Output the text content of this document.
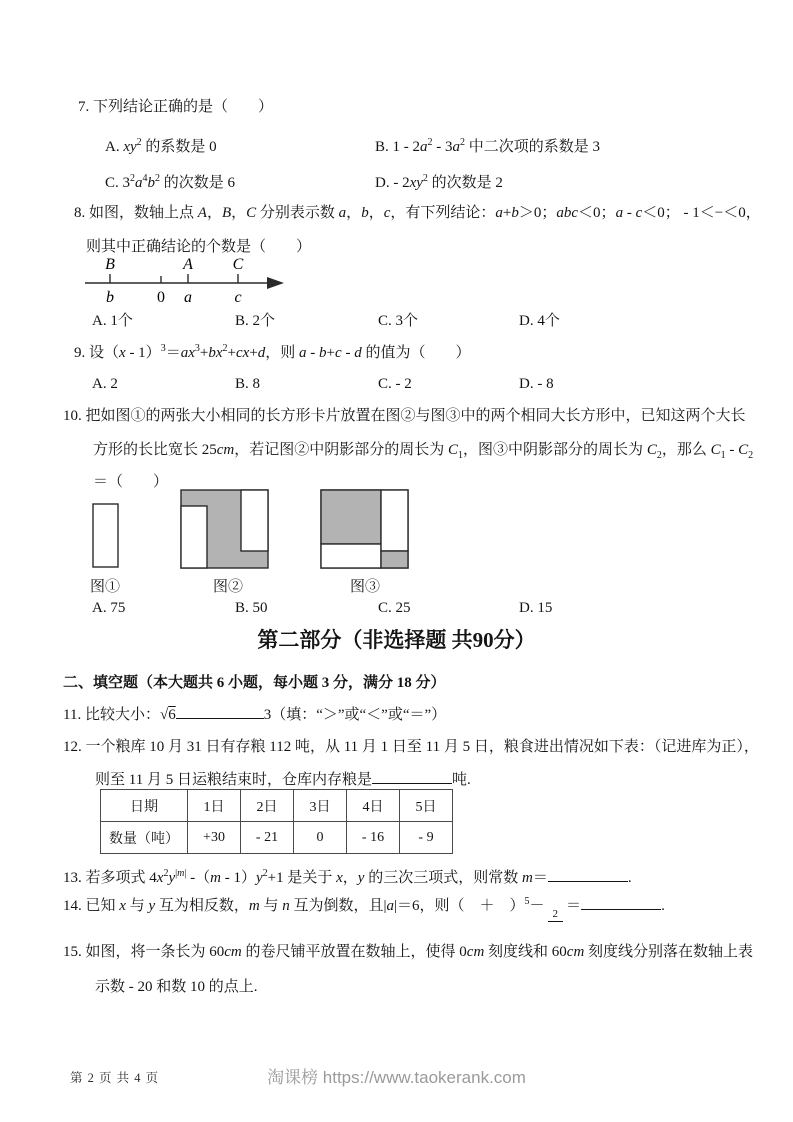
7. 下列结论正确的是（　　）
A. $xy^2$ 的系数是 0	B. $1 - 2a^2 - 3a^2$ 中二次项的系数是 3
C. $3^2a^4b^2$ 的次数是 6	D. - $2xy^2$ 的次数是 2
8. 如图，数轴上点 A，B，C 分别表示数 a，b，c，有下列结论：a+b＞0；abc＜0；a - c＜0； - 1＜−＜0，
则其中正确结论的个数是（　　）
B	A C
b	0 a	c
A. 1个	B. 2个	C. 3个	D. 4个
9. 设$(x - 1)^3=ax^3+bx^2+cx+d$，则 a - b+c - d 的值为（　　）
A. 2	B. 8	C. - 2	D. - 8
10. 把如图①的两张大小相同的长方形卡片放置在图②与图③中的两个相同大长方形中，已知这两个大长
方形的长比宽长 25cm，若记图②中阴影部分的周长为 $C_1$，图③中阴影部分的周长为 $C_2$，那么 $C_1 - C_2$
＝（　　）
图①	图②	图③
A. 75	B. 50	C. 25	D. 15
第二部分（非选择题 共90分）
二、填空题（本大题共 6 小题，每小题 3 分，满分 18 分）
11. 比较大小：√6	3（填：“＞”或“＜”或“＝”）
12. 一个粮库 10 月 31 日有存粮 112 吨，从 11 月 1 日至 11 月 5 日，粮食进出情况如下表：（记进库为正），
则至 11 月 5 日运粮结束时，仓库内存粮是	吨.
日期	1日	2日	3日	4日	5日
数量（吨）	+30	- 21	0	- 16	- 9
13. 若多项式 $4x^2y^{|m|}$ $-(m - 1)y^2+1$ 是关于 x，y 的三次三项式，则常数 m＝	.
14. 已知 x 与 y 互为相反数，m 与 n 互为倒数，且|a|＝6，则（　＋　）$^5$－ 2 ＝	.
15. 如图，将一条长为 60cm 的卷尺铺平放置在数轴上，使得 0cm 刻度线和 60cm 刻度线分别落在数轴上表
示数 - 20 和数 10 的点上.
第 2 页 共 4 页	淘课榜 https://www.taokerank.com
